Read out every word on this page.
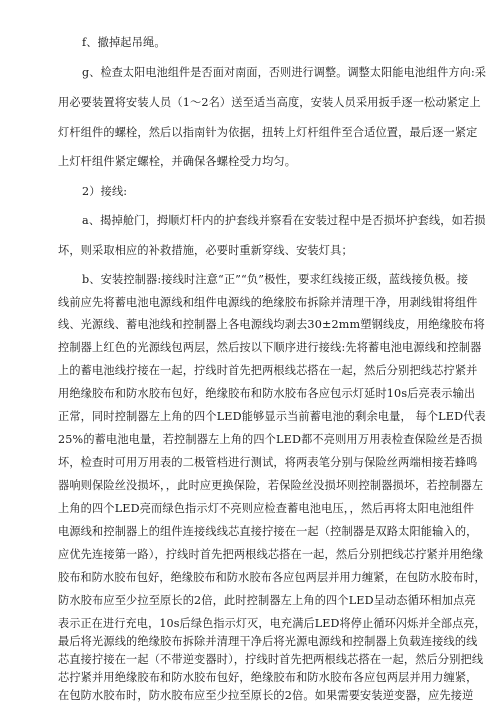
f、撤掉起吊绳。
g、检查太阳电池组件是否面对南面，否则进行调整。调整太阳能电池组件方向:采
用必要装置将安装人员（1～2名）送至适当高度，安装人员采用扳手逐一松动紧定上
灯杆组件的螺栓，然后以指南针为依据，扭转上灯杆组件至合适位置，最后逐一紧定
上灯杆组件紧定螺栓，并确保各螺栓受力均匀。
2）接线:
a、揭掉舱门，拇顺灯杆内的护套线并察看在安装过程中是否损坏护套线，如若损
坏，则采取相应的补救措施，必要时重新穿线、安装灯具；
b、安装控制器:接线时注意“正”“负”极性，要求红线接正级，蓝线接负极。接
线前应先将蓄电池电源线和组件电源线的绝缘胶布拆除并清理干净，用剥线钳将组件
线、光源线、蓄电池线和控制器上各电源线均剥去30±2mm塑钢线皮，用绝缘胶布将
控制器上红色的光源线包两层，然后按以下顺序进行接线:先将蓄电池电源线和控制器
上的蓄电池线拧接在一起，拧线时首先把两根线芯搭在一起，然后分别把线芯拧紧并
用绝缘胶布和防水胶布包好，绝缘胶布和防水胶布各应包示灯延时10s后亮表示输出
正常，同时控制器左上角的四个LED能够显示当前蓄电池的剩余电量， 每个LED代表
25%的蓄电池电量，若控制器左上角的四个LED都不亮则用万用表检查保险丝是否损
坏，检查时可用万用表的二极管档进行测试，将两表笔分别与保险丝两端相接若蜂鸣
器响则保险丝没损坏，，此时应更换保险，若保险丝没损坏则控制器损坏，若控制器左
上角的四个LED亮而绿色指示灯不亮则应检查蓄电池电压，，然后再将太阳电池组件
电源线和控制器上的组件连接线线芯直接拧接在一起（控制器是双路太阳能输入的，
应优先连接第一路），拧线时首先把两根线芯搭在一起，然后分别把线芯拧紧并用绝缘
胶布和防水胶布包好，绝缘胶布和防水胶布各应包两层并用力缠紧，在包防水胶布时，
防水胶布应至少拉至原长的2倍，此时控制器左上角的四个LED呈动态循环相加点亮
表示正在进行充电，10s后绿色指示灯灭，电充满后LED将停止循环闪烁并全部点亮，
最后将光源线的绝缘胶布拆除并清理干净后将光源电源线和控制器上负载连接线的线
芯直接拧接在一起（不带逆变器时），拧线时首先把两根线芯搭在一起，然后分别把线
芯拧紧并用绝缘胶布和防水胶布包好，绝缘胶布和防水胶布各应包两层并用力缠紧，
在包防水胶布时，防水胶布应至少拉至原长的2倍。如果需要安装逆变器，应先接逆
